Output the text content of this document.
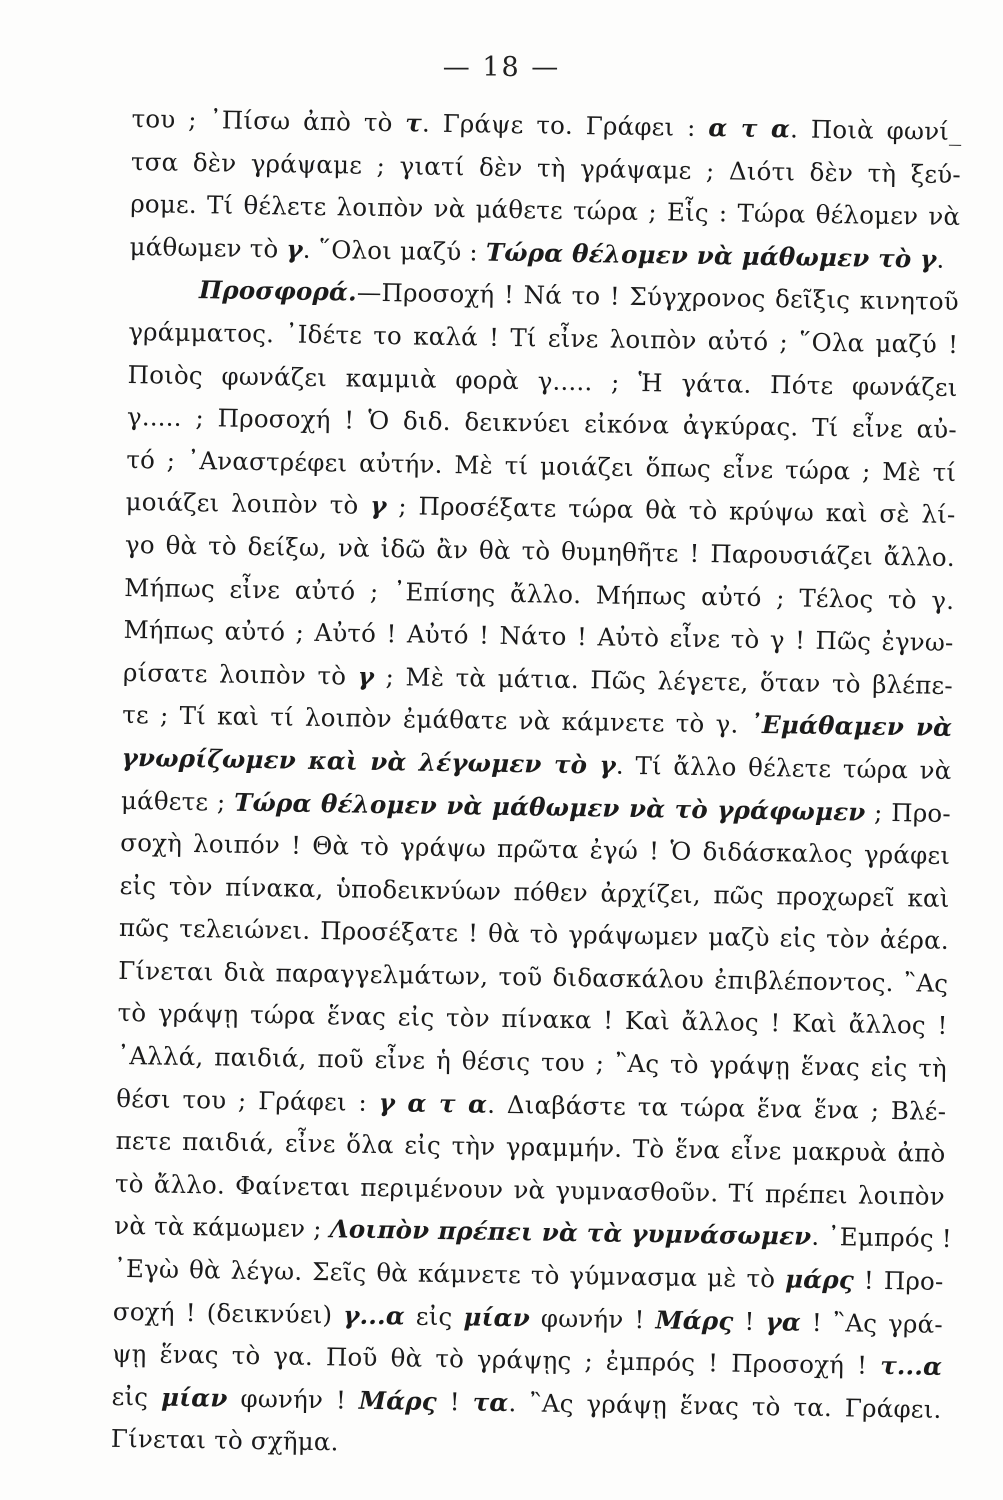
— 18 —
του ; ᾿Πίσω ἀπὸ τὸ τ. Γράψε το. Γράφει : α τ α. Ποιὰ φωνί_
τσα δὲν γράψαμε ; γιατί δὲν τὴ γράψαμε ; Διότι δὲν τὴ ξεύ-
ρομε. Τί θέλετε λοιπὸν νὰ μάθετε τώρα ; Εἷς : Τώρα θέλομεν νὰ
μάθωμεν τὸ γ. ῞Ολοι μαζύ : Τώρα θέλομεν νὰ μάθωμεν τὸ γ.
Προσφορά.—Προσοχή ! Νά το ! Σύγχρονος δεῖξις κινητοῦ
γράμματος. ᾿Ιδέτε το καλά ! Τί εἶνε λοιπὸν αὐτό ; ῞Ολα μαζύ !
Ποιὸς φωνάζει καμμιὰ φορὰ γ..... ; Ἡ γάτα. Πότε φωνάζει
γ..... ; Προσοχή ! Ὁ διδ. δεικνύει εἰκόνα ἀγκύρας. Τί εἶνε αὐ-
τό ; ᾿Αναστρέφει αὐτήν. Μὲ τί μοιάζει ὅπως εἶνε τώρα ; Μὲ τί
μοιάζει λοιπὸν τὸ γ ; Προσέξατε τώρα θὰ τὸ κρύψω καὶ σὲ λί-
γο θὰ τὸ δείξω, νὰ ἰδῶ ἂν θὰ τὸ θυμηθῆτε ! Παρουσιάζει ἄλλο.
Μήπως εἶνε αὐτό ; ᾿Επίσης ἄλλο. Μήπως αὐτό ; Τέλος τὸ γ.
Μήπως αὐτό ; Αὐτό ! Αὐτό ! Νάτο ! Αὐτὸ εἶνε τὸ γ ! Πῶς ἐγνω-
ρίσατε λοιπὸν τὸ γ ; Μὲ τὰ μάτια. Πῶς λέγετε, ὅταν τὸ βλέπε-
τε ; Τί καὶ τί λοιπὸν ἐμάθατε νὰ κάμνετε τὸ γ. ᾿Εμάθαμεν νὰ
γνωρίζωμεν καὶ νὰ λέγωμεν τὸ γ. Τί ἄλλο θέλετε τώρα νὰ
μάθετε ; Τώρα θέλομεν νὰ μάθωμεν νὰ τὸ γράφωμεν ; Προ-
σοχὴ λοιπόν ! Θὰ τὸ γράψω πρῶτα ἐγώ ! Ὁ διδάσκαλος γράφει
εἰς τὸν πίνακα, ὑποδεικνύων πόθεν ἀρχίζει, πῶς προχωρεῖ καὶ
πῶς τελειώνει. Προσέξατε ! θὰ τὸ γράψωμεν μαζὺ εἰς τὸν ἀέρα.
Γίνεται διὰ παραγγελμάτων, τοῦ διδασκάλου ἐπιβλέποντος. ῍Ας
τὸ γράψῃ τώρα ἕνας εἰς τὸν πίνακα ! Καὶ ἄλλος ! Καὶ ἄλλος !
᾿Αλλά, παιδιά, ποῦ εἶνε ἡ θέσις του ; ῍Ας τὸ γράψῃ ἕνας εἰς τὴ
θέσι του ; Γράφει : γ α τ α. Διαβάστε τα τώρα ἕνα ἕνα ; Βλέ-
πετε παιδιά, εἶνε ὅλα εἰς τὴν γραμμήν. Τὸ ἕνα εἶνε μακρυὰ ἀπὸ
τὸ ἄλλο. Φαίνεται περιμένουν νὰ γυμνασθοῦν. Τί πρέπει λοιπὸν
νὰ τὰ κάμωμεν ; Λοιπὸν πρέπει νὰ τὰ γυμνάσωμεν. ᾿Εμπρός !
᾿Εγὼ θὰ λέγω. Σεῖς θὰ κάμνετε τὸ γύμνασμα μὲ τὸ μάρς ! Προ-
σοχή ! (δεικνύει) γ...α εἰς μίαν φωνήν ! Μάρς ! γα ! ῍Ας γρά-
ψῃ ἕνας τὸ γα. Ποῦ θὰ τὸ γράψῃς ; ἐμπρός ! Προσοχή ! τ...α
εἰς μίαν φωνήν ! Μάρς ! τα. ῍Ας γράψῃ ἕνας τὸ τα. Γράφει.
Γίνεται τὸ σχῆμα.
